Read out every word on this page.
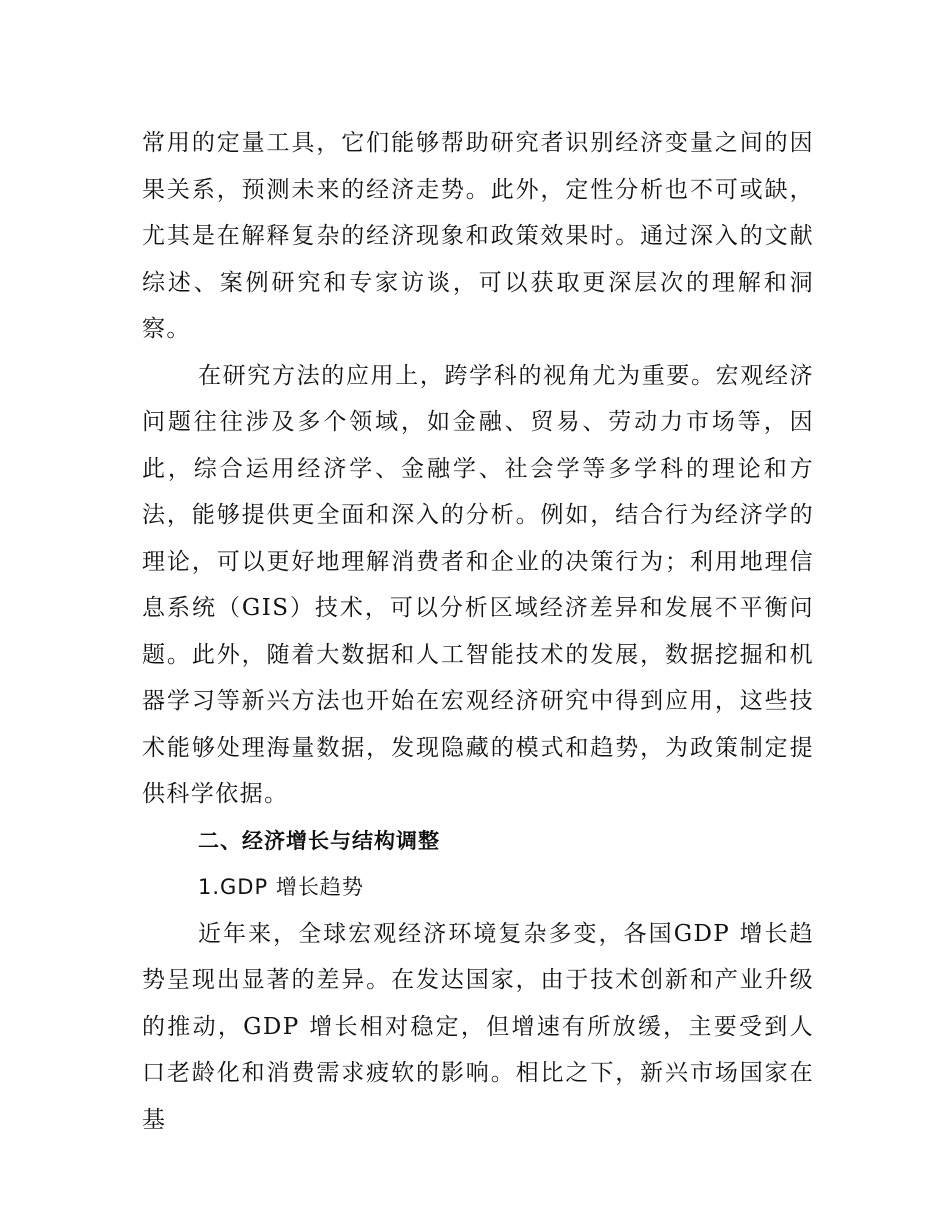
常用的定量工具，它们能够帮助研究者识别经济变量之间的因果关系，预测未来的经济走势。此外，定性分析也不可或缺，尤其是在解释复杂的经济现象和政策效果时。通过深入的文献综述、案例研究和专家访谈，可以获取更深层次的理解和洞察。

在研究方法的应用上，跨学科的视角尤为重要。宏观经济问题往往涉及多个领域，如金融、贸易、劳动力市场等，因此，综合运用经济学、金融学、社会学等多学科的理论和方法，能够提供更全面和深入的分析。例如，结合行为经济学的理论，可以更好地理解消费者和企业的决策行为；利用地理信息系统（GIS）技术，可以分析区域经济差异和发展不平衡问题。此外，随着大数据和人工智能技术的发展，数据挖掘和机器学习等新兴方法也开始在宏观经济研究中得到应用，这些技术能够处理海量数据，发现隐藏的模式和趋势，为政策制定提供科学依据。

二、经济增长与结构调整

1.GDP 增长趋势

近年来，全球宏观经济环境复杂多变，各国GDP 增长趋势呈现出显著的差异。在发达国家，由于技术创新和产业升级的推动，GDP 增长相对稳定，但增速有所放缓，主要受到人口老龄化和消费需求疲软的影响。相比之下，新兴市场国家在基
